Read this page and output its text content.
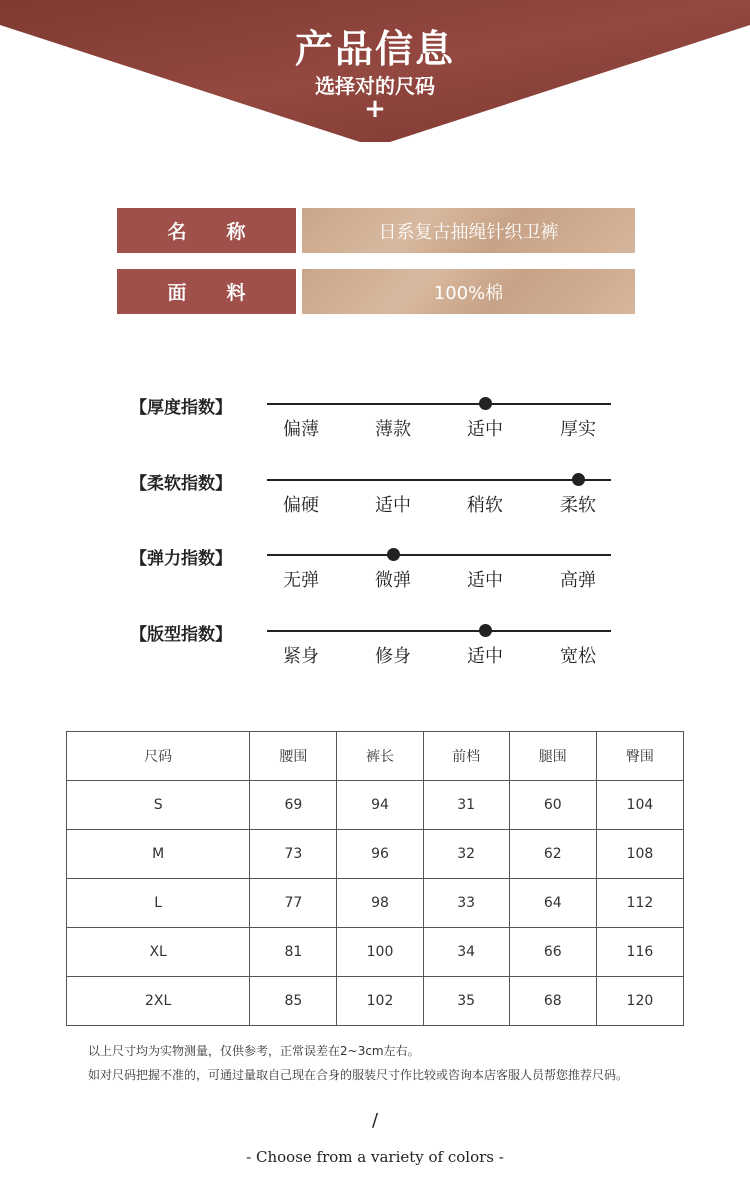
产品信息
选择对的尺码
+
名称	日系复古抽绳针织卫裤
面料	100%棉
【厚度指数】
偏薄	薄款	适中	厚实
【柔软指数】
偏硬	适中	稍软	柔软
【弹力指数】
无弹	微弹	适中	高弹
【版型指数】
紧身	修身	适中	宽松
尺码	腰围	裤长	前档	腿围	臀围
S	69	94	31	60	104
M	73	96	32	62	108
L	77	98	33	64	112
XL	81	100	34	66	116
2XL	85	102	35	68	120
以上尺寸均为实物测量，仅供参考，正常误差在2~3cm左右。
如对尺码把握不准的，可通过量取自己现在合身的服装尺寸作比较或咨询本店客服人员帮您推荐尺码。
/
- Choose from a variety of colors -
